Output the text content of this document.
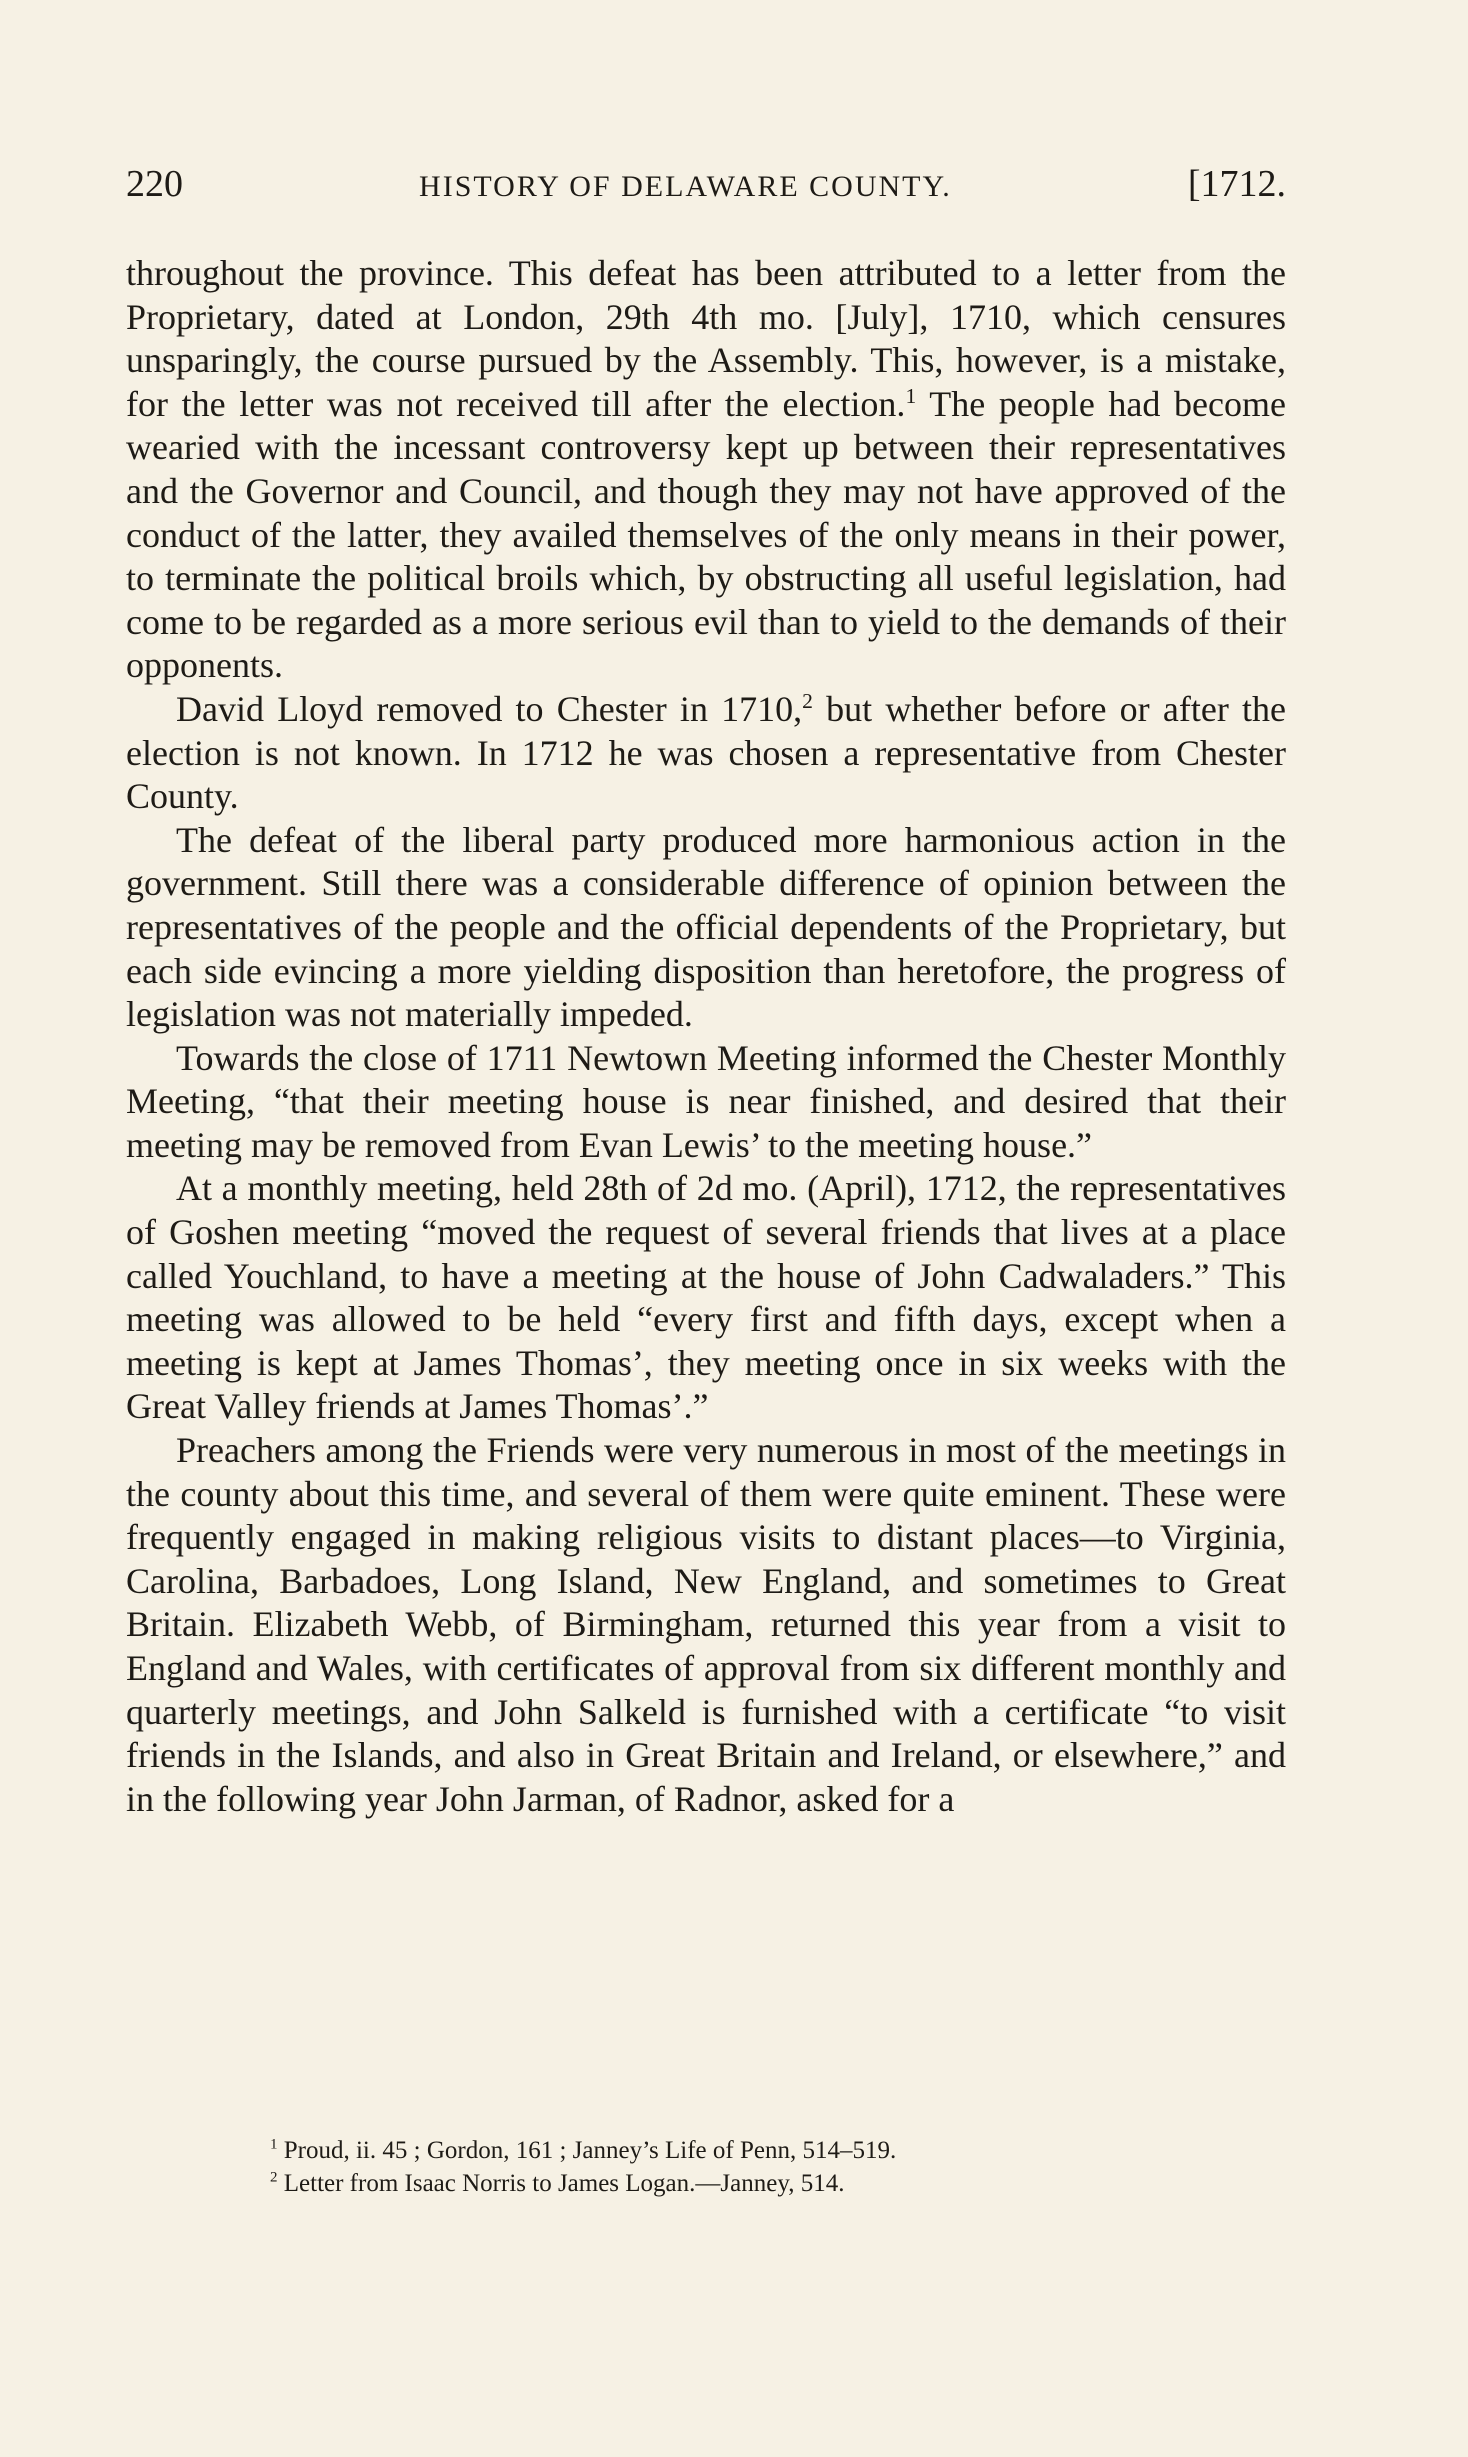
220	HISTORY OF DELAWARE COUNTY.	[1712.

throughout the province. This defeat has been attributed to a letter from the Proprietary, dated at London, 29th 4th mo. [July], 1710, which censures unsparingly, the course pursued by the Assembly. This, however, is a mistake, for the letter was not received till after the election.$^1$ The people had become wearied with the incessant controversy kept up between their representatives and the Governor and Council, and though they may not have approved of the conduct of the latter, they availed themselves of the only means in their power, to terminate the political broils which, by obstructing all useful legislation, had come to be regarded as a more serious evil than to yield to the demands of their opponents.

David Lloyd removed to Chester in 1710,$^2$ but whether before or after the election is not known. In 1712 he was chosen a representative from Chester County.

The defeat of the liberal party produced more harmonious action in the government. Still there was a considerable difference of opinion between the representatives of the people and the official dependents of the Proprietary, but each side evincing a more yielding disposition than heretofore, the progress of legislation was not materially impeded.

Towards the close of 1711 Newtown Meeting informed the Chester Monthly Meeting, “that their meeting house is near finished, and desired that their meeting may be removed from Evan Lewis’ to the meeting house.”

At a monthly meeting, held 28th of 2d mo. (April), 1712, the representatives of Goshen meeting “moved the request of several friends that lives at a place called Youchland, to have a meeting at the house of John Cadwaladers.” This meeting was allowed to be held “every first and fifth days, except when a meeting is kept at James Thomas’, they meeting once in six weeks with the Great Valley friends at James Thomas’.”

Preachers among the Friends were very numerous in most of the meetings in the county about this time, and several of them were quite eminent. These were frequently engaged in making religious visits to distant places—to Virginia, Carolina, Barbadoes, Long Island, New England, and sometimes to Great Britain. Elizabeth Webb, of Birmingham, returned this year from a visit to England and Wales, with certificates of approval from six different monthly and quarterly meetings, and John Salkeld is furnished with a certificate “to visit friends in the Islands, and also in Great Britain and Ireland, or elsewhere,” and in the following year John Jarman, of Radnor, asked for a

$^1$ Proud, ii. 45 ; Gordon, 161 ; Janney’s Life of Penn, 514–519.

$^2$ Letter from Isaac Norris to James Logan.—Janney, 514.
